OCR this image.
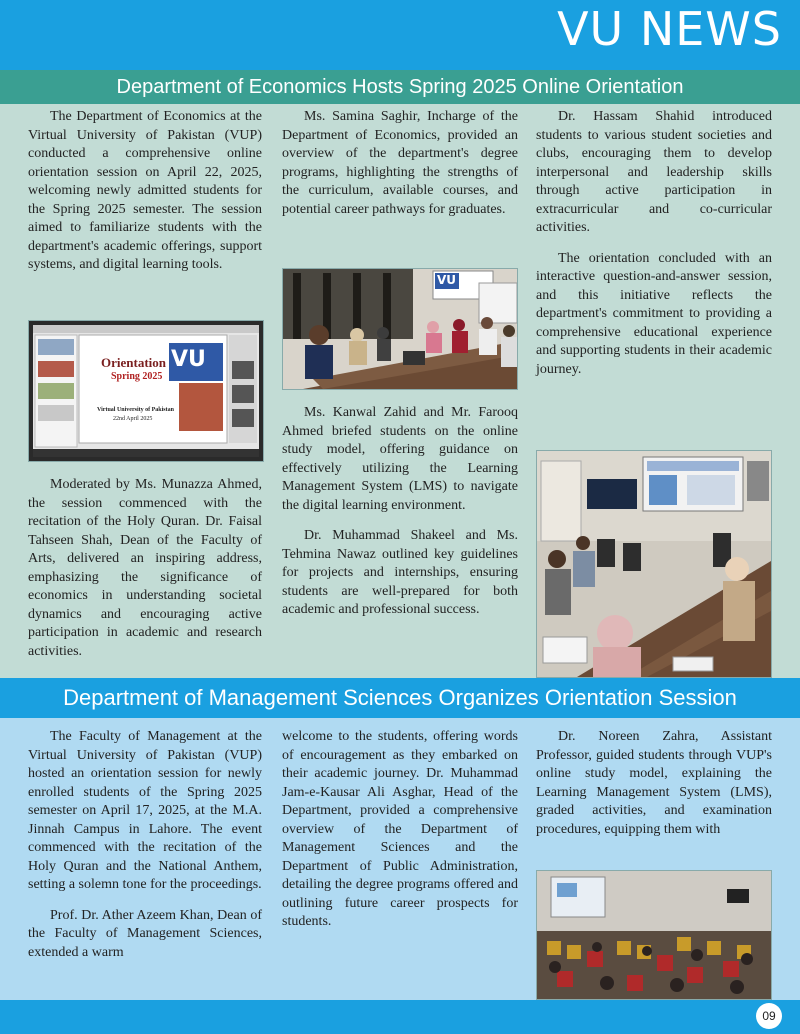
VU NEWS
Department of Economics Hosts Spring 2025 Online Orientation

The Department of Economics at the Virtual University of Pakistan (VUP) conducted a comprehensive online orientation session on April 22, 2025, welcoming newly admitted students for the Spring 2025 semester. The session aimed to familiarize students with the department's academic offerings, support systems, and digital learning tools.

Orientation
Spring 2025
VU
Virtual University of Pakistan
22nd April 2025

Moderated by Ms. Munazza Ahmed, the session commenced with the recitation of the Holy Quran. Dr. Faisal Tahseen Shah, Dean of the Faculty of Arts, delivered an inspiring address, emphasizing the significance of economics in understanding societal dynamics and encouraging active participation in academic and research activities.

Ms. Samina Saghir, Incharge of the Department of Economics, provided an overview of the department's degree programs, highlighting the strengths of the curriculum, available courses, and potential career pathways for graduates.

VU

Ms. Kanwal Zahid and Mr. Farooq Ahmed briefed students on the online study model, offering guidance on effectively utilizing the Learning Management System (LMS) to navigate the digital learning environment.

Dr. Muhammad Shakeel and Ms. Tehmina Nawaz outlined key guidelines for projects and internships, ensuring students are well-prepared for both academic and professional success.

Dr. Hassam Shahid introduced students to various student societies and clubs, encouraging them to develop interpersonal and leadership skills through active participation in extracurricular and co-curricular activities.

The orientation concluded with an interactive question-and-answer session, and this initiative reflects the department's commitment to providing a comprehensive educational experience and supporting students in their academic journey.

Department of Management Sciences Organizes Orientation Session

The Faculty of Management at the Virtual University of Pakistan (VUP) hosted an orientation session for newly enrolled students of the Spring 2025 semester on April 17, 2025, at the M.A. Jinnah Campus in Lahore. The event commenced with the recitation of the Holy Quran and the National Anthem, setting a solemn tone for the proceedings.

Prof. Dr. Ather Azeem Khan, Dean of the Faculty of Management Sciences, extended a warm

welcome to the students, offering words of encouragement as they embarked on their academic journey. Dr. Muhammad Jam-e-Kausar Ali Asghar, Head of the Department, provided a comprehensive overview of the Department of Management Sciences and the Department of Public Administration, detailing the degree programs offered and outlining future career prospects for students.

Dr. Noreen Zahra, Assistant Professor, guided students through VUP's online study model, explaining the Learning Management System (LMS), graded activities, and examination procedures, equipping them with

09
